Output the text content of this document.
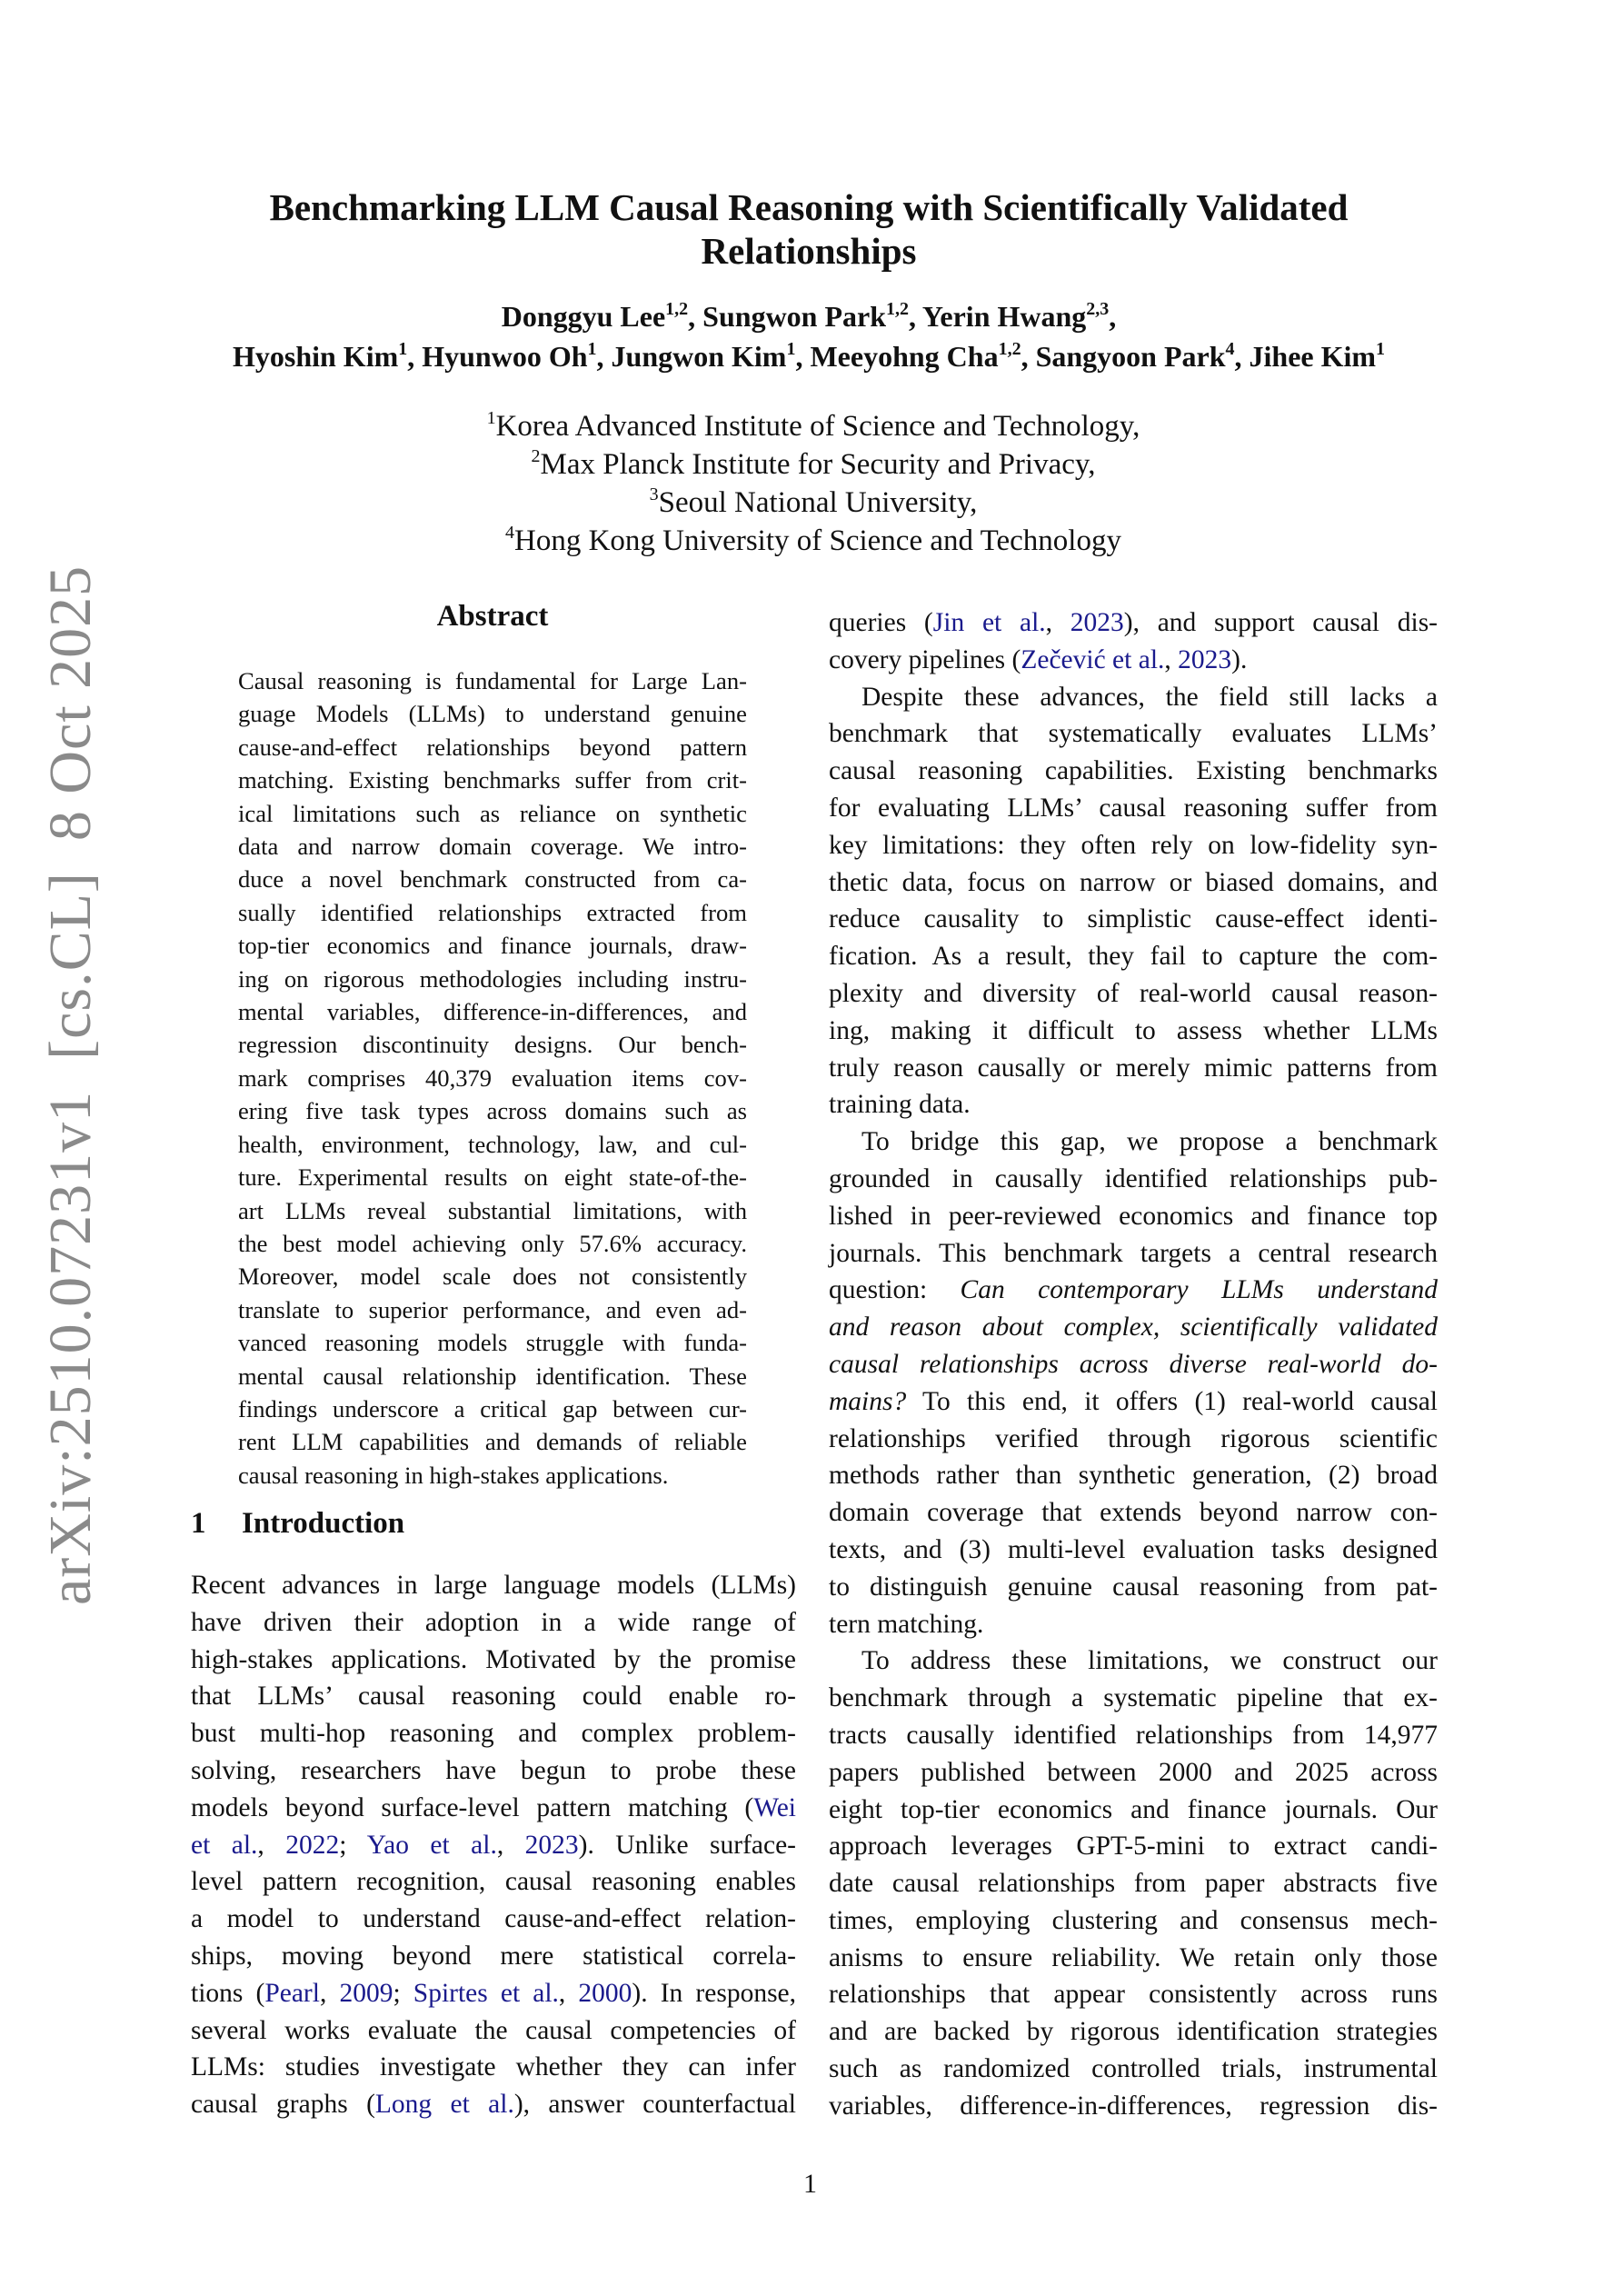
arXiv:2510.07231v1[cs.CL]8 Oct 2025
Benchmarking LLM Causal Reasoning with Scientifically Validated
Relationships
Donggyu Lee$^{1,2}$, Sungwon Park$^{1,2}$, Yerin Hwang$^{2,3}$,
Hyoshin Kim$^1$, Hyunwoo Oh$^1$, Jungwon Kim$^1$, Meeyohng Cha$^{1,2}$, Sangyoon Park$^4$, Jihee Kim$^1$
$^1$Korea Advanced Institute of Science and Technology,
$^2$Max Planck Institute for Security and Privacy,
$^3$Seoul National University,
$^4$Hong Kong University of Science and Technology
Abstract
Causal reasoning is fundamental for Large Lan-
guage Models (LLMs) to understand genuine
cause-and-effect relationships beyond pattern
matching. Existing benchmarks suffer from crit-
ical limitations such as reliance on synthetic
data and narrow domain coverage. We intro-
duce a novel benchmark constructed from ca-
sually identified relationships extracted from
top-tier economics and finance journals, draw-
ing on rigorous methodologies including instru-
mental variables, difference-in-differences, and
regression discontinuity designs. Our bench-
mark comprises 40,379 evaluation items cov-
ering five task types across domains such as
health, environment, technology, law, and cul-
ture. Experimental results on eight state-of-the-
art LLMs reveal substantial limitations, with
the best model achieving only 57.6% accuracy.
Moreover, model scale does not consistently
translate to superior performance, and even ad-
vanced reasoning models struggle with funda-
mental causal relationship identification. These
findings underscore a critical gap between cur-
rent LLM capabilities and demands of reliable
causal reasoning in high-stakes applications.
1 Introduction
Recent advances in large language models (LLMs)
have driven their adoption in a wide range of
high-stakes applications. Motivated by the promise
that LLMs’ causal reasoning could enable ro-
bust multi-hop reasoning and complex problem-
solving, researchers have begun to probe these
models beyond surface-level pattern matching (Wei
et al., 2022; Yao et al., 2023). Unlike surface-
level pattern recognition, causal reasoning enables
a model to understand cause-and-effect relation-
ships, moving beyond mere statistical correla-
tions (Pearl, 2009; Spirtes et al., 2000). In response,
several works evaluate the causal competencies of
LLMs: studies investigate whether they can infer
causal graphs (Long et al.), answer counterfactual
queries (Jin et al., 2023), and support causal dis-
covery pipelines (Zečević et al., 2023).
Despite these advances, the field still lacks a
benchmark that systematically evaluates LLMs’
causal reasoning capabilities. Existing benchmarks
for evaluating LLMs’ causal reasoning suffer from
key limitations: they often rely on low-fidelity syn-
thetic data, focus on narrow or biased domains, and
reduce causality to simplistic cause-effect identi-
fication. As a result, they fail to capture the com-
plexity and diversity of real-world causal reason-
ing, making it difficult to assess whether LLMs
truly reason causally or merely mimic patterns from
training data.
To bridge this gap, we propose a benchmark
grounded in causally identified relationships pub-
lished in peer-reviewed economics and finance top
journals. This benchmark targets a central research
question: Can contemporary LLMs understand
and reason about complex, scientifically validated
causal relationships across diverse real-world do-
mains? To this end, it offers (1) real-world causal
relationships verified through rigorous scientific
methods rather than synthetic generation, (2) broad
domain coverage that extends beyond narrow con-
texts, and (3) multi-level evaluation tasks designed
to distinguish genuine causal reasoning from pat-
tern matching.
To address these limitations, we construct our
benchmark through a systematic pipeline that ex-
tracts causally identified relationships from 14,977
papers published between 2000 and 2025 across
eight top-tier economics and finance journals. Our
approach leverages GPT-5-mini to extract candi-
date causal relationships from paper abstracts five
times, employing clustering and consensus mech-
anisms to ensure reliability. We retain only those
relationships that appear consistently across runs
and are backed by rigorous identification strategies
such as randomized controlled trials, instrumental
variables, difference-in-differences, regression dis-
1
